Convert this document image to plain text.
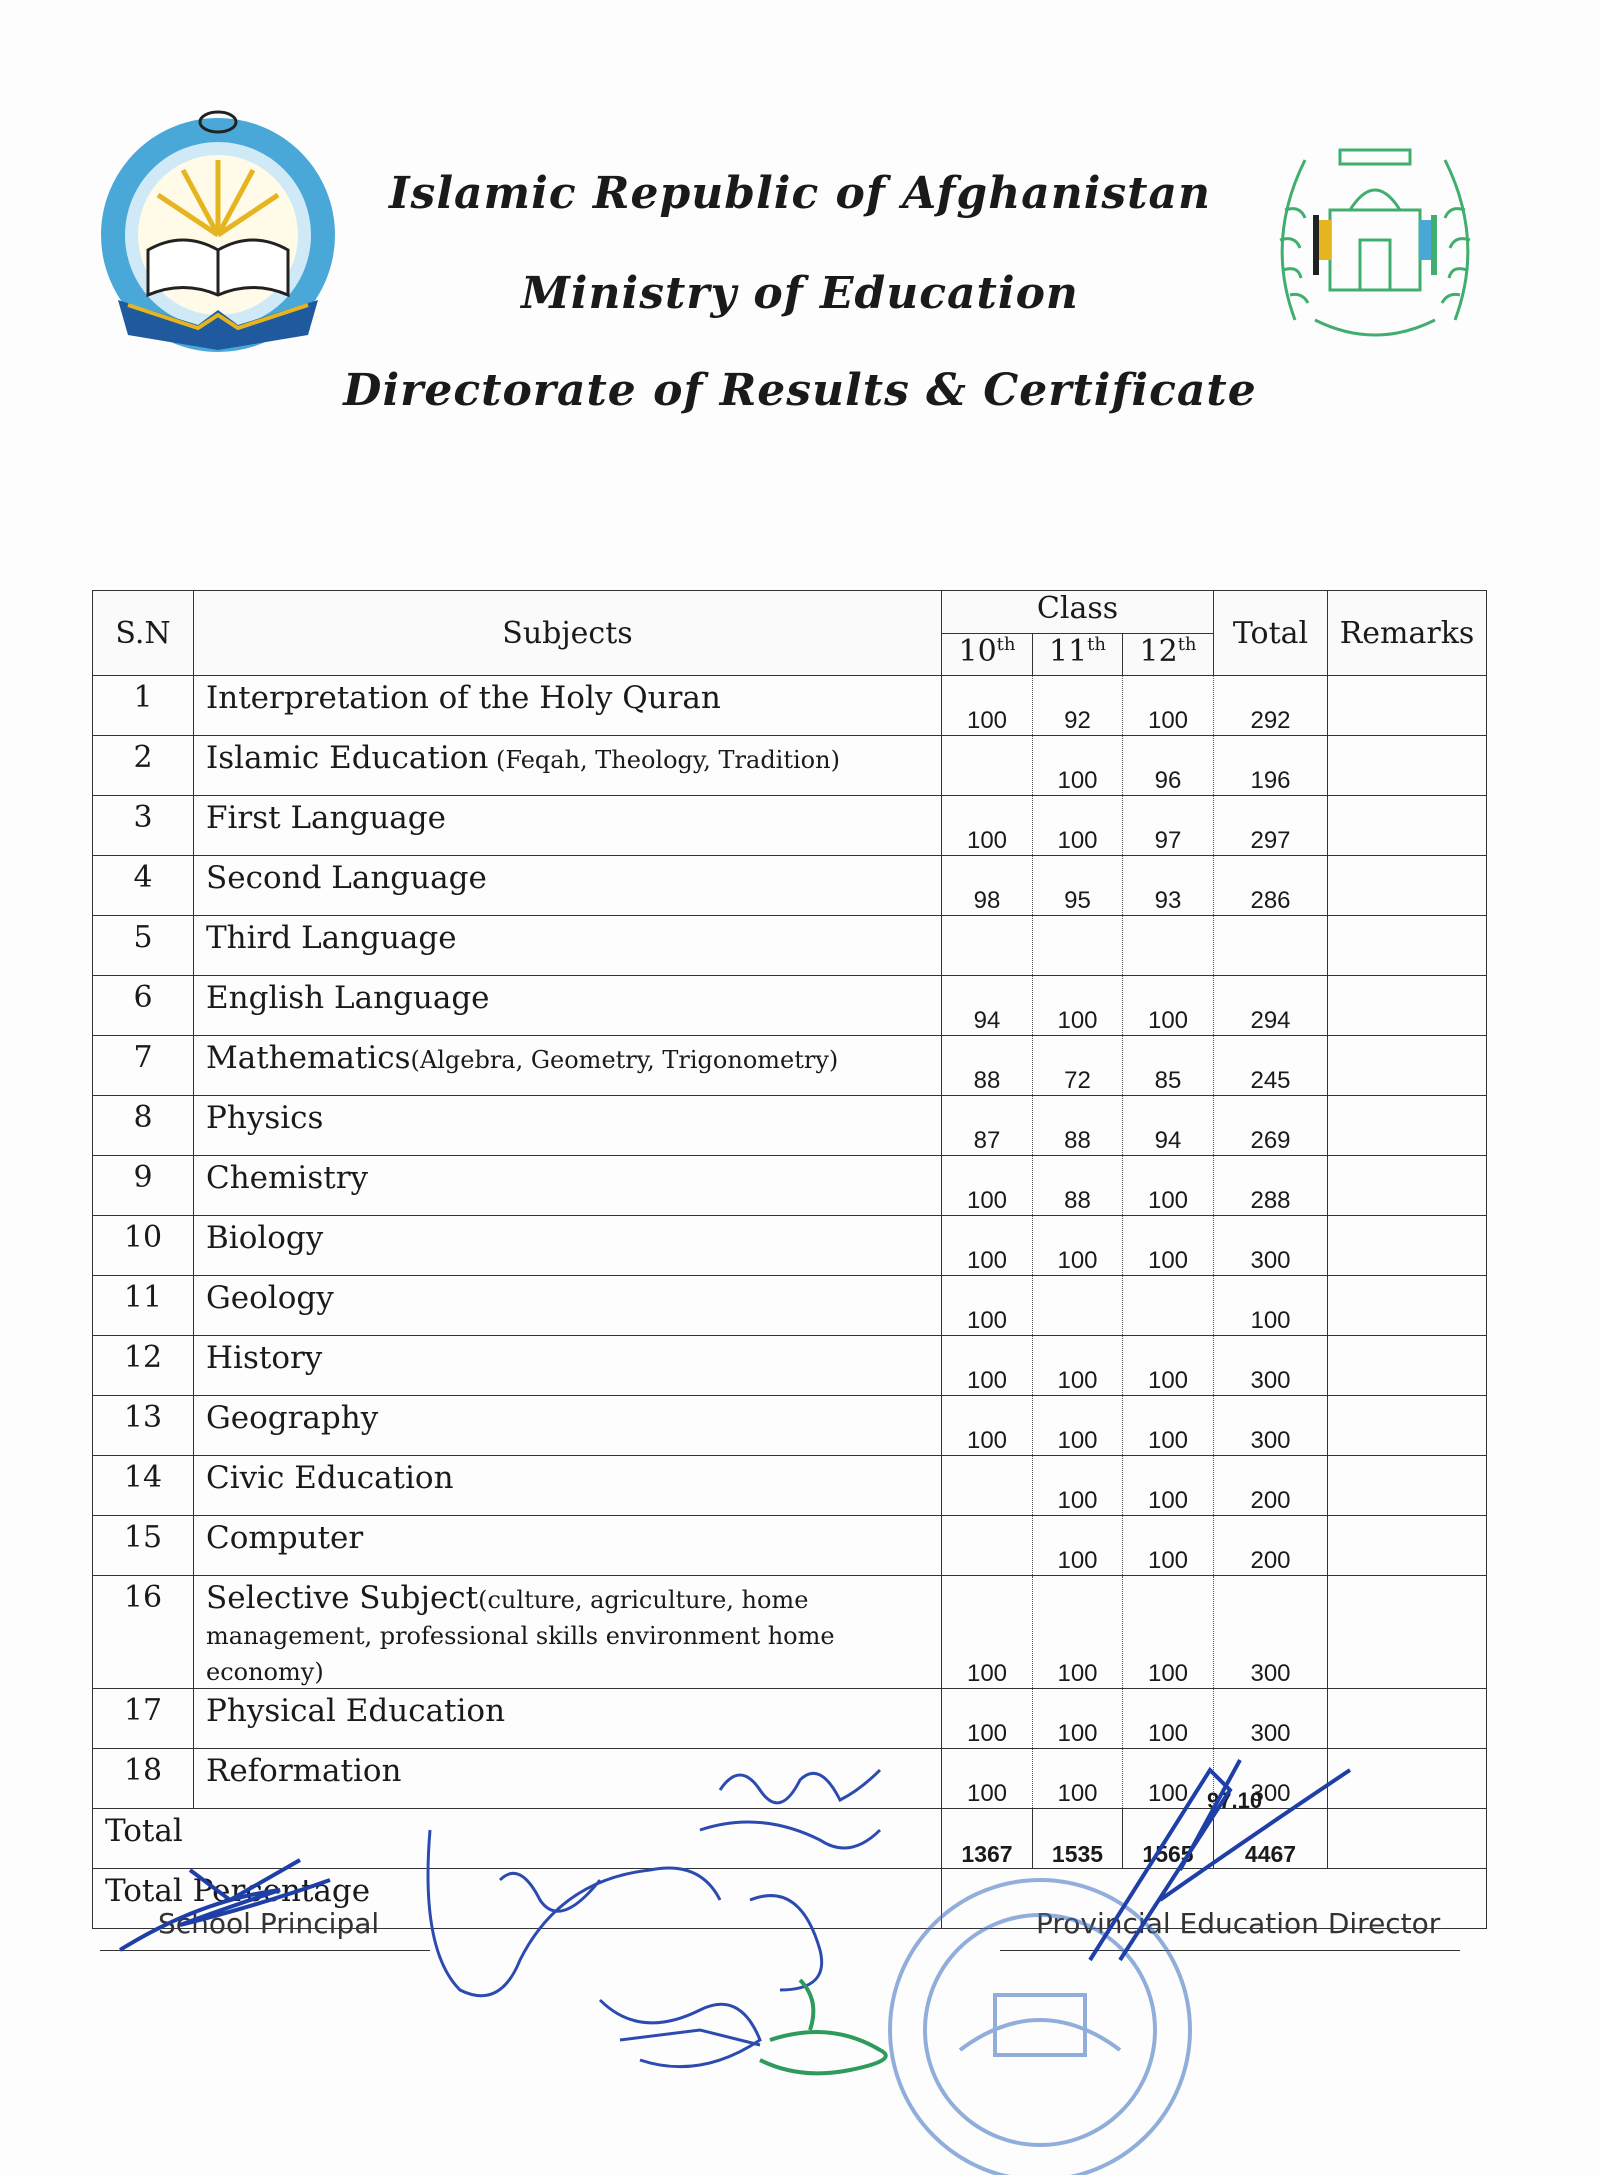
Islamic Republic of Afghanistan
Ministry of Education
Directorate of Results & Certificate
S.N	Subjects	Class			Total	Remarks
		10th	11th	12th
1	Interpretation of the Holy Quran	100	92	100	292	
2	Islamic Education (Feqah, Theology, Tradition)		100	96	196	
3	First Language	100	100	97	297	
4	Second Language	98	95	93	286	
5	Third Language					
6	English Language	94	100	100	294	
7	Mathematics(Algebra, Geometry, Trigonometry)	88	72	85	245	
8	Physics	87	88	94	269	
9	Chemistry	100	88	100	288	
10	Biology	100	100	100	300	
11	Geology	100			100	
12	History	100	100	100	300	
13	Geography	100	100	100	300	
14	Civic Education		100	100	200	
15	Computer		100	100	200	
16	Selective Subject(culture, agriculture, home management, professional skills environment home economy)	100	100	100	300	
17	Physical Education	100	100	100	300	
18	Reformation	100	100	100	300	
Total		1367	1535	1565	4467	
Total Percentage						
97.10
School Principal	Provincial Education Director
